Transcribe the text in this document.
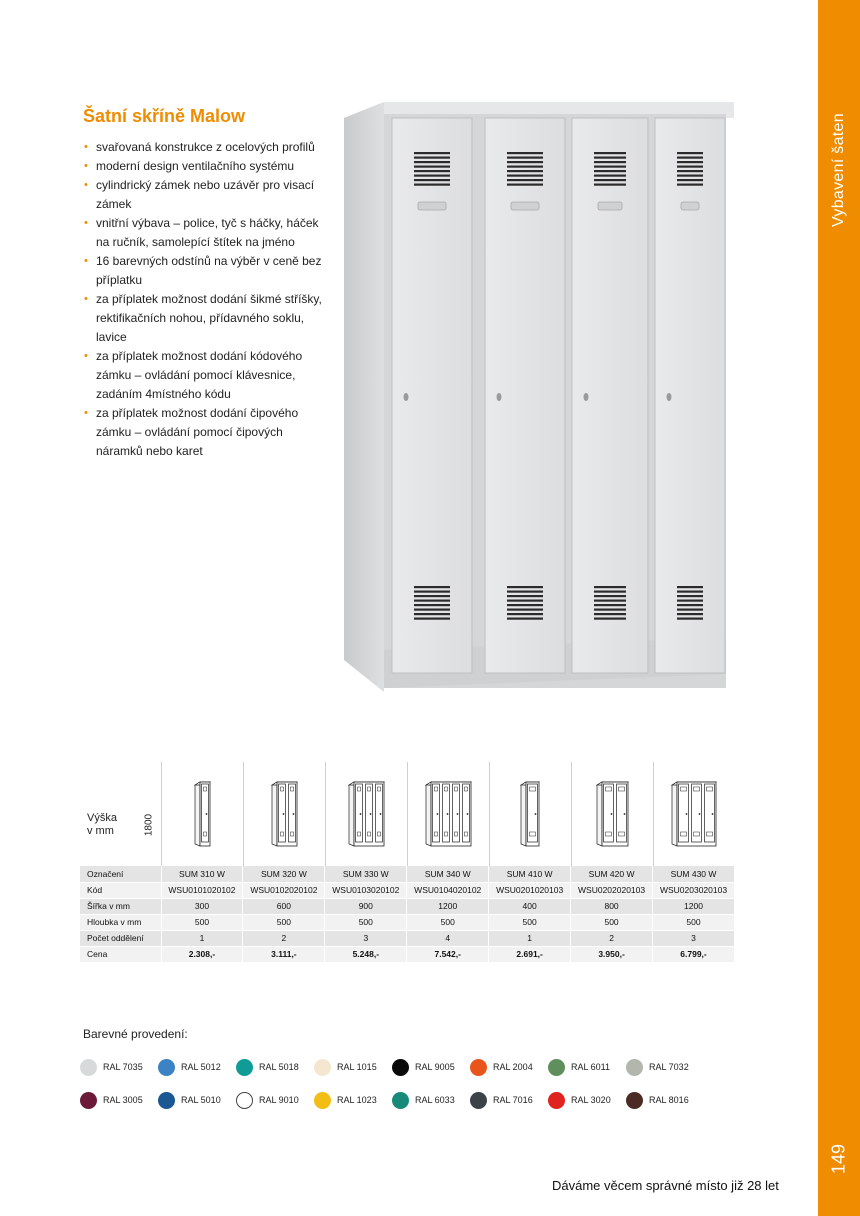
Vybavení šaten
149
Šatní skříně Malow
• svařovaná konstrukce z ocelových profilů
• moderní design ventilačního systému
• cylindrický zámek nebo uzávěr pro visací zámek
• vnitřní výbava – police, tyč s háčky, háček na ručník, samolepící štítek na jméno
• 16 barevných odstínů na výběr v ceně bez příplatku
• za příplatek možnost dodání šikmé stříšky, rektifikačních nohou, přídavného soklu, lavice
• za příplatek možnost dodání kódového zámku – ovládání pomocí klávesnice, zadáním 4místného kódu
• za příplatek možnost dodání čipového zámku – ovládání pomocí čipových náramků nebo karet
Výška
v mm	1800
Označení	SUM 310 W	SUM 320 W	SUM 330 W	SUM 340 W	SUM 410 W	SUM 420 W	SUM 430 W
Kód	WSU0101020102	WSU0102020102	WSU0103020102	WSU0104020102	WSU0201020103	WSU0202020103	WSU0203020103
Šířka v mm	300	600	900	1200	400	800	1200
Hloubka v mm	500	500	500	500	500	500	500
Počet oddělení	1	2	3	4	1	2	3
Cena	2.308,-	3.111,-	5.248,-	7.542,-	2.691,-	3.950,-	6.799,-
Barevné provedení:
RAL 7035	RAL 5012	RAL 5018	RAL 1015	RAL 9005	RAL 2004	RAL 6011	RAL 7032
RAL 3005	RAL 5010	RAL 9010	RAL 1023	RAL 6033	RAL 7016	RAL 3020	RAL 8016
Dáváme věcem správné místo již 28 let
